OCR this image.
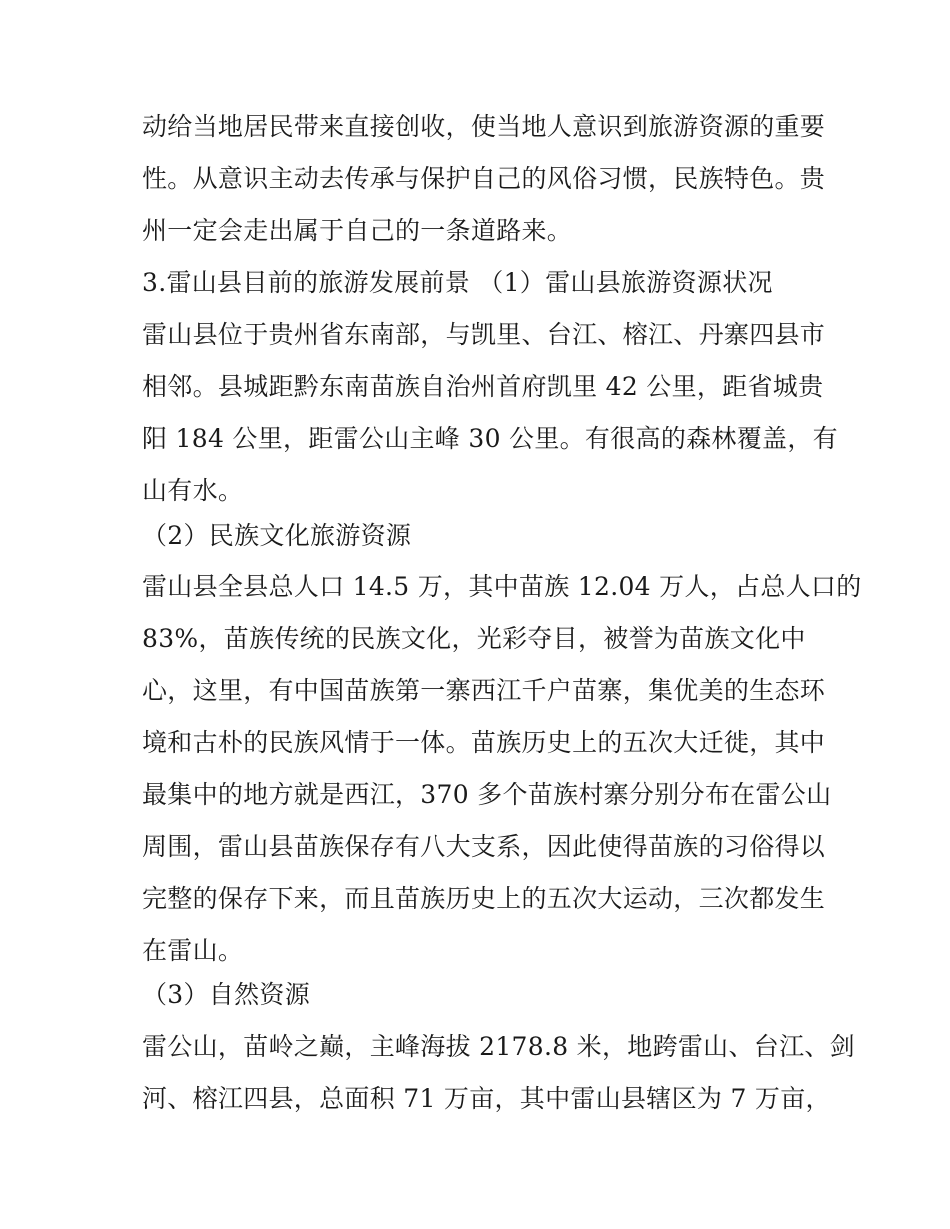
动给当地居民带来直接创收，使当地人意识到旅游资源的重要
性。从意识主动去传承与保护自己的风俗习惯，民族特色。贵
州一定会走出属于自己的一条道路来。
3.雷山县目前的旅游发展前景 （1）雷山县旅游资源状况
雷山县位于贵州省东南部，与凯里、台江、榕江、丹寨四县市
相邻。县城距黔东南苗族自治州首府凯里 42 公里，距省城贵
阳 184 公里，距雷公山主峰 30 公里。有很高的森林覆盖，有
山有水。
（2）民族文化旅游资源
雷山县全县总人口 14.5 万，其中苗族 12.04 万人，占总人口的
83%，苗族传统的民族文化，光彩夺目，被誉为苗族文化中
心，这里，有中国苗族第一寨西江千户苗寨，集优美的生态环
境和古朴的民族风情于一体。苗族历史上的五次大迁徙，其中
最集中的地方就是西江，370 多个苗族村寨分别分布在雷公山
周围，雷山县苗族保存有八大支系，因此使得苗族的习俗得以
完整的保存下来，而且苗族历史上的五次大运动，三次都发生
在雷山。
（3）自然资源
雷公山，苗岭之巅，主峰海拔 2178.8 米，地跨雷山、台江、剑
河、榕江四县，总面积 71 万亩，其中雷山县辖区为 7 万亩，
